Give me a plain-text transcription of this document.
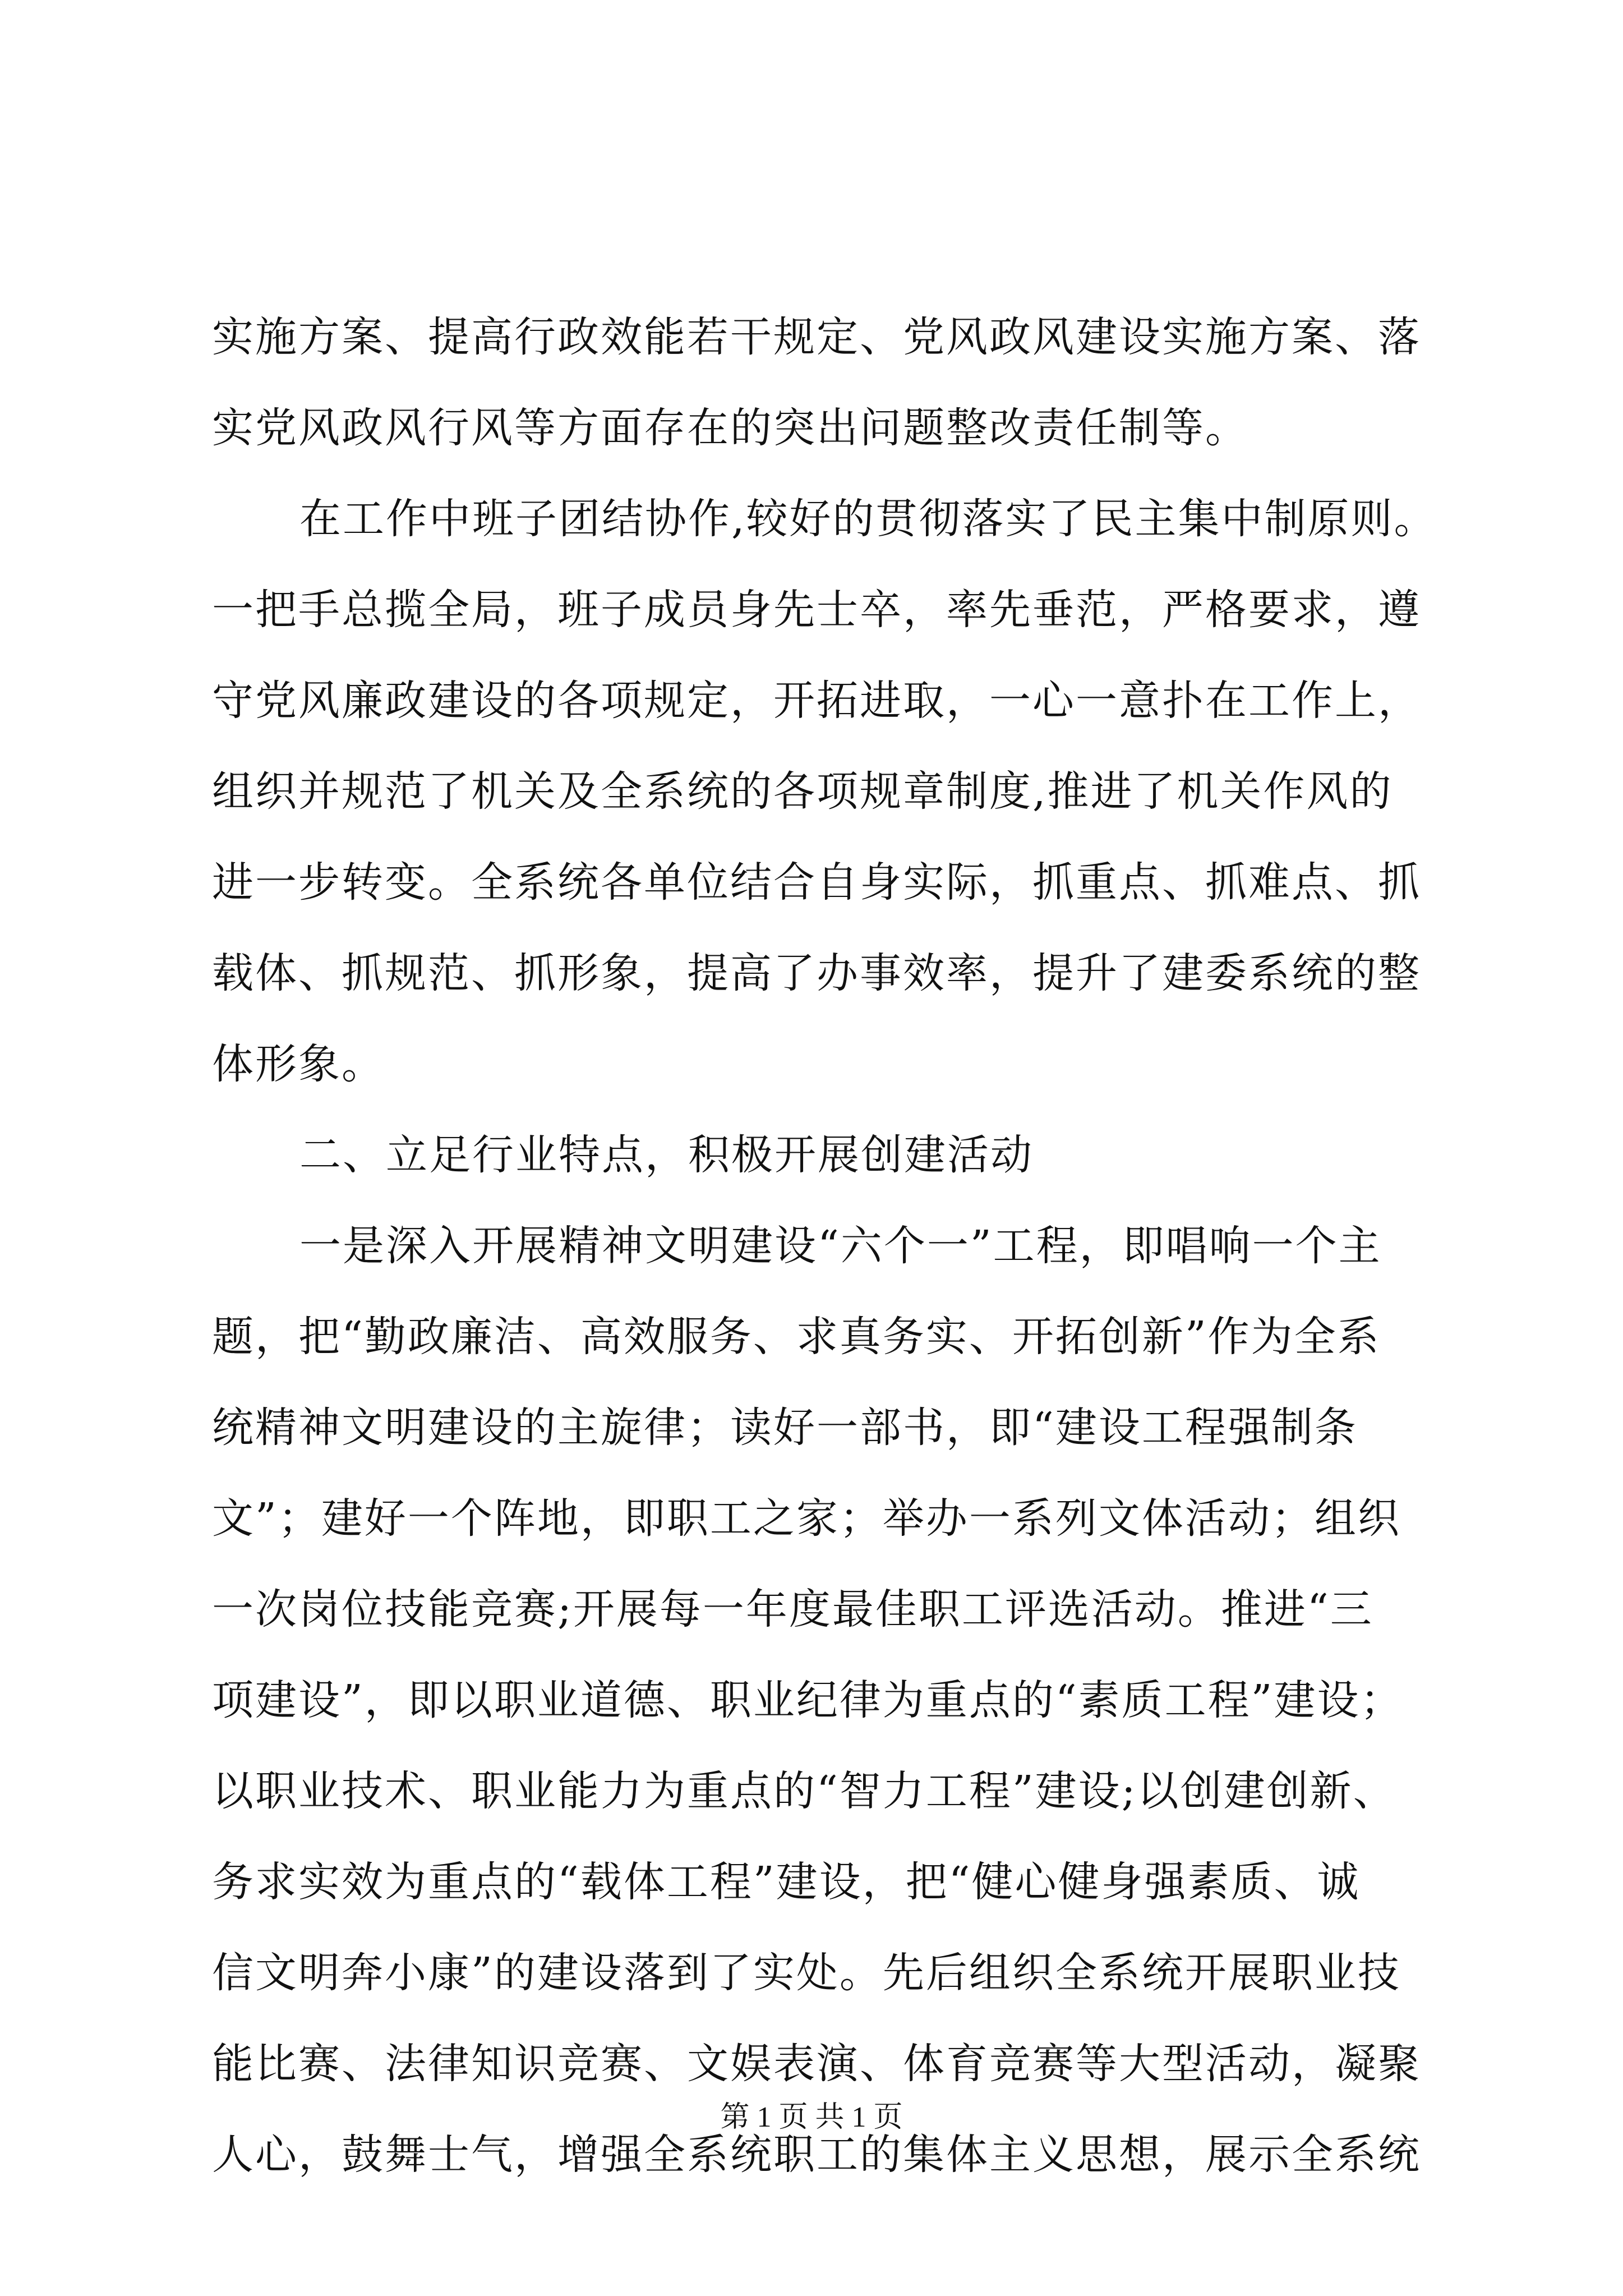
实施方案、提高行政效能若干规定、党风政风建设实施方案、落
实党风政风行风等方面存在的突出问题整改责任制等。
在工作中班子团结协作,较好的贯彻落实了民主集中制原则。
一把手总揽全局，班子成员身先士卒，率先垂范，严格要求，遵
守党风廉政建设的各项规定，开拓进取，一心一意扑在工作上，
组织并规范了机关及全系统的各项规章制度,推进了机关作风的
进一步转变。全系统各单位结合自身实际，抓重点、抓难点、抓
载体、抓规范、抓形象，提高了办事效率，提升了建委系统的整
体形象。
二、立足行业特点，积极开展创建活动
一是深入开展精神文明建设“六个一”工程，即唱响一个主
题，把“勤政廉洁、高效服务、求真务实、开拓创新”作为全系
统精神文明建设的主旋律；读好一部书，即“建设工程强制条
文”；建好一个阵地，即职工之家；举办一系列文体活动；组织
一次岗位技能竞赛;开展每一年度最佳职工评选活动。推进“三
项建设”，即以职业道德、职业纪律为重点的“素质工程”建设；
以职业技术、职业能力为重点的“智力工程”建设;以创建创新、
务求实效为重点的“载体工程”建设，把“健心健身强素质、诚
信文明奔小康”的建设落到了实处。先后组织全系统开展职业技
能比赛、法律知识竞赛、文娱表演、体育竞赛等大型活动，凝聚
人心，鼓舞士气，增强全系统职工的集体主义思想，展示全系统
第 1 页 共 1 页
